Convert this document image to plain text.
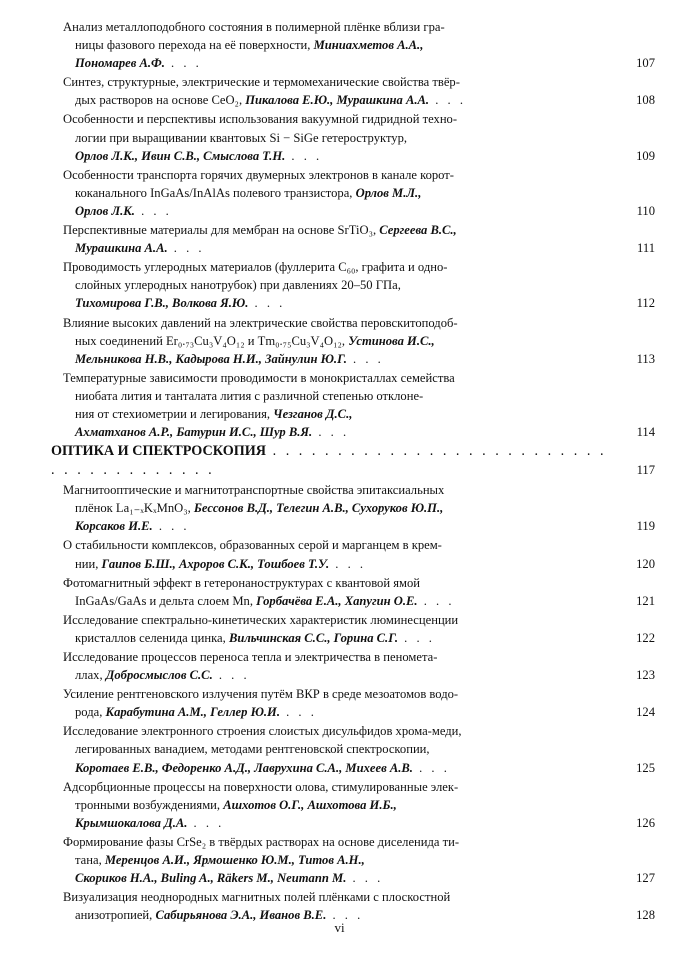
Анализ металлоподобного состояния в полимерной плёнке вблизи гра-
ницы фазового перехода на её поверхности, Миниахметов А.А.,
Пономарев А.Ф. . . .	107
Синтез, структурные, электрические и термомеханические свойства твёр-
дых растворов на основе CeO₂, Пикалова Е.Ю., Мурашкина А.А. . . .	108
Особенности и перспективы использования вакуумной гидридной техно-
логии при выращивании квантовых Si − SiGe гетероструктур,
Орлов Л.К., Ивин С.В., Смыслова Т.Н. . . .	109
Особенности транспорта горячих двумерных электронов в канале корот-
коканального InGaAs/InAlAs полевого транзистора, Орлов М.Л.,
Орлов Л.К. . . .	110
Перспективные материалы для мембран на основе SrTiO₃, Сергеева В.С.,
Мурашкина А.А. . . .	111
Проводимость углеродных материалов (фуллерита C₆₀, графита и одно-
слойных углеродных нанотрубок) при давлениях 20–50 ГПа,
Тихомирова Г.В., Волкова Я.Ю. . . .	112
Влияние высоких давлений на электрические свойства перовскитоподоб-
ных соединений Er₀.₇₃Cu₃V₄O₁₂ и Tm₀.₇₅Cu₃V₄O₁₂, Устинова И.С.,
Мельникова Н.В., Кадырова Н.И., Зайнулин Ю.Г. . . .	113
Температурные зависимости проводимости в монокристаллах семейства
ниобата лития и танталата лития с различной степенью отклоне-
ния от стехиометрии и легирования, Чезганов Д.С.,
Ахматханов А.Р., Батурин И.С., Шур В.Я. . . .	114
ОПТИКА И СПЕКТРОСКОПИЯ . . . . . . . . . . . . . . . . . . . . . . . . . . . . . . . . . . . . . . .	117
Магнитооптические и магнитотранспортные свойства эпитаксиальных
плёнок La₁₋ₓKₓMnO₃, Бессонов В.Д., Телегин А.В., Сухоруков Ю.П.,
Корсаков И.Е. . . .	119
О стабильности комплексов, образованных серой и марганцем в крем-
нии, Гаипов Б.Ш., Ахроров С.К., Тошбоев Т.У. . . .	120
Фотомагнитный эффект в гетеронаноструктурах с квантовой ямой
InGaAs/GaAs и дельта слоем Mn, Горбачёва Е.А., Хапугин О.Е. . . .	121
Исследование спектрально-кинетических характеристик люминесценции
кристаллов селенида цинка, Вильчинская С.С., Горина С.Г. . . .	122
Исследование процессов переноса тепла и электричества в пеномета-
ллах, Добросмыслов С.С. . . .	123
Усиление рентгеновского излучения путём ВКР в среде мезоатомов водо-
рода, Карабутина А.М., Геллер Ю.И. . . .	124
Исследование электронного строения слоистых дисульфидов хрома-меди,
легированных ванадием, методами рентгеновской спектроскопии,
Коротаев Е.В., Федоренко А.Д., Лаврухина С.А., Михеев А.В. . . .	125
Адсорбционные процессы на поверхности олова, стимулированные элек-
тронными возбуждениями, Ашхотов О.Г., Ашхотова И.Б.,
Крымшокалова Д.А. . . .	126
Формирование фазы CrSe₂ в твёрдых растворах на основе диселенида ти-
тана, Меренцов А.И., Ярмошенко Ю.М., Титов А.Н.,
Скориков Н.А., Buling A., Räkers M., Neumann M. . . .	127
Визуализация неоднородных магнитных полей плёнками с плоскостной
анизотропией, Сабирьянова Э.А., Иванов В.Е. . . .	128
vi
